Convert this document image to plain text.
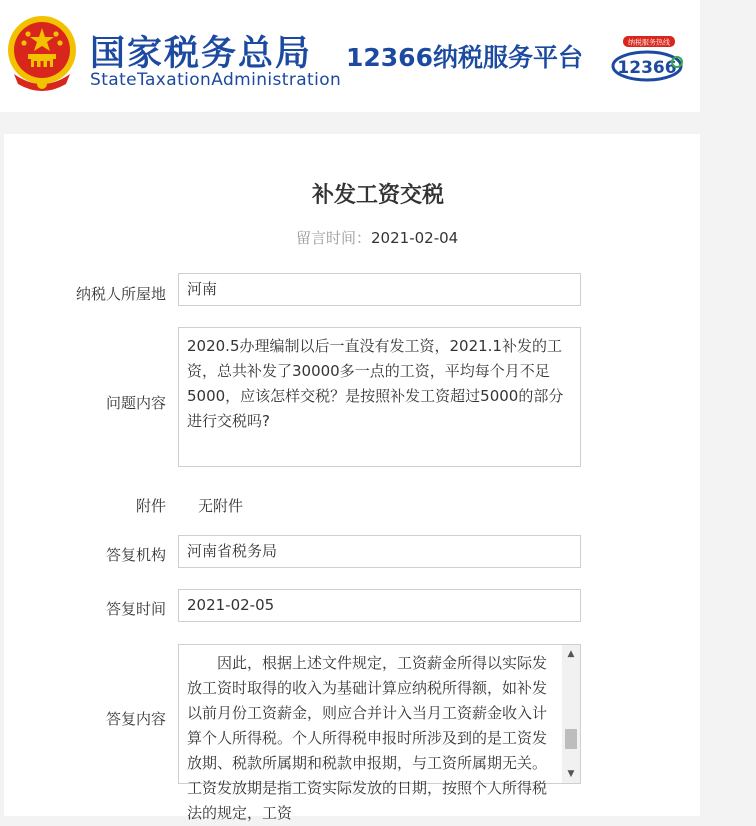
国家税务总局
StateTaxationAdministration
12366纳税服务平台
纳税服务热线
12366
补发工资交税
留言时间：2021-02-04
纳税人所屋地	河南
问题内容
2020.5办理编制以后一直没有发工资，2021.1补发的工资，总共补发了30000多一点的工资，平均每个月不足5000，应该怎样交税？是按照补发工资超过5000的部分进行交税吗?
附件 无附件
答复机构	河南省税务局
答复时间	2021-02-05
答复内容
因此，根据上述文件规定，工资薪金所得以实际发放工资时取得的收入为基础计算应纳税所得额，如补发以前月份工资薪金，则应合并计入当月工资薪金收入计算个人所得税。个人所得税申报时所涉及到的是工资发放期、税款所属期和税款申报期，与工资所属期无关。工资发放期是指工资实际发放的日期，按照个人所得税法的规定，工资
▲
▼
